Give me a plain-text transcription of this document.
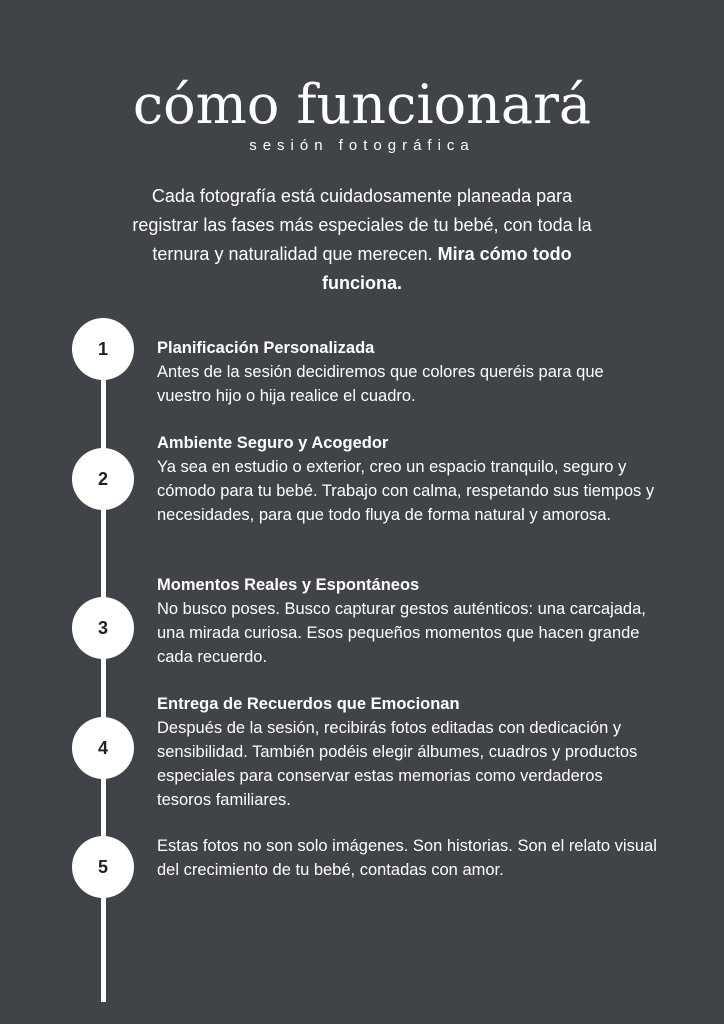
cómo funcionará
sesión fotográfica

Cada fotografía está cuidadosamente planeada para registrar las fases más especiales de tu bebé, con toda la ternura y naturalidad que merecen. Mira cómo todo funciona.

1
2
3
4
5
Planificación Personalizada
Antes de la sesión decidiremos que colores queréis para que vuestro hijo o hija realice el cuadro.
Ambiente Seguro y Acogedor
Ya sea en estudio o exterior, creo un espacio tranquilo, seguro y cómodo para tu bebé. Trabajo con calma, respetando sus tiempos y necesidades, para que todo fluya de forma natural y amorosa.
Momentos Reales y Espontáneos
No busco poses. Busco capturar gestos auténticos: una carcajada, una mirada curiosa. Esos pequeños momentos que hacen grande cada recuerdo.
Entrega de Recuerdos que Emocionan
Después de la sesión, recibirás fotos editadas con dedicación y sensibilidad. También podéis elegir álbumes, cuadros y productos especiales para conservar estas memorias como verdaderos tesoros familiares.
Estas fotos no son solo imágenes. Son historias. Son el relato visual del crecimiento de tu bebé, contadas con amor.
